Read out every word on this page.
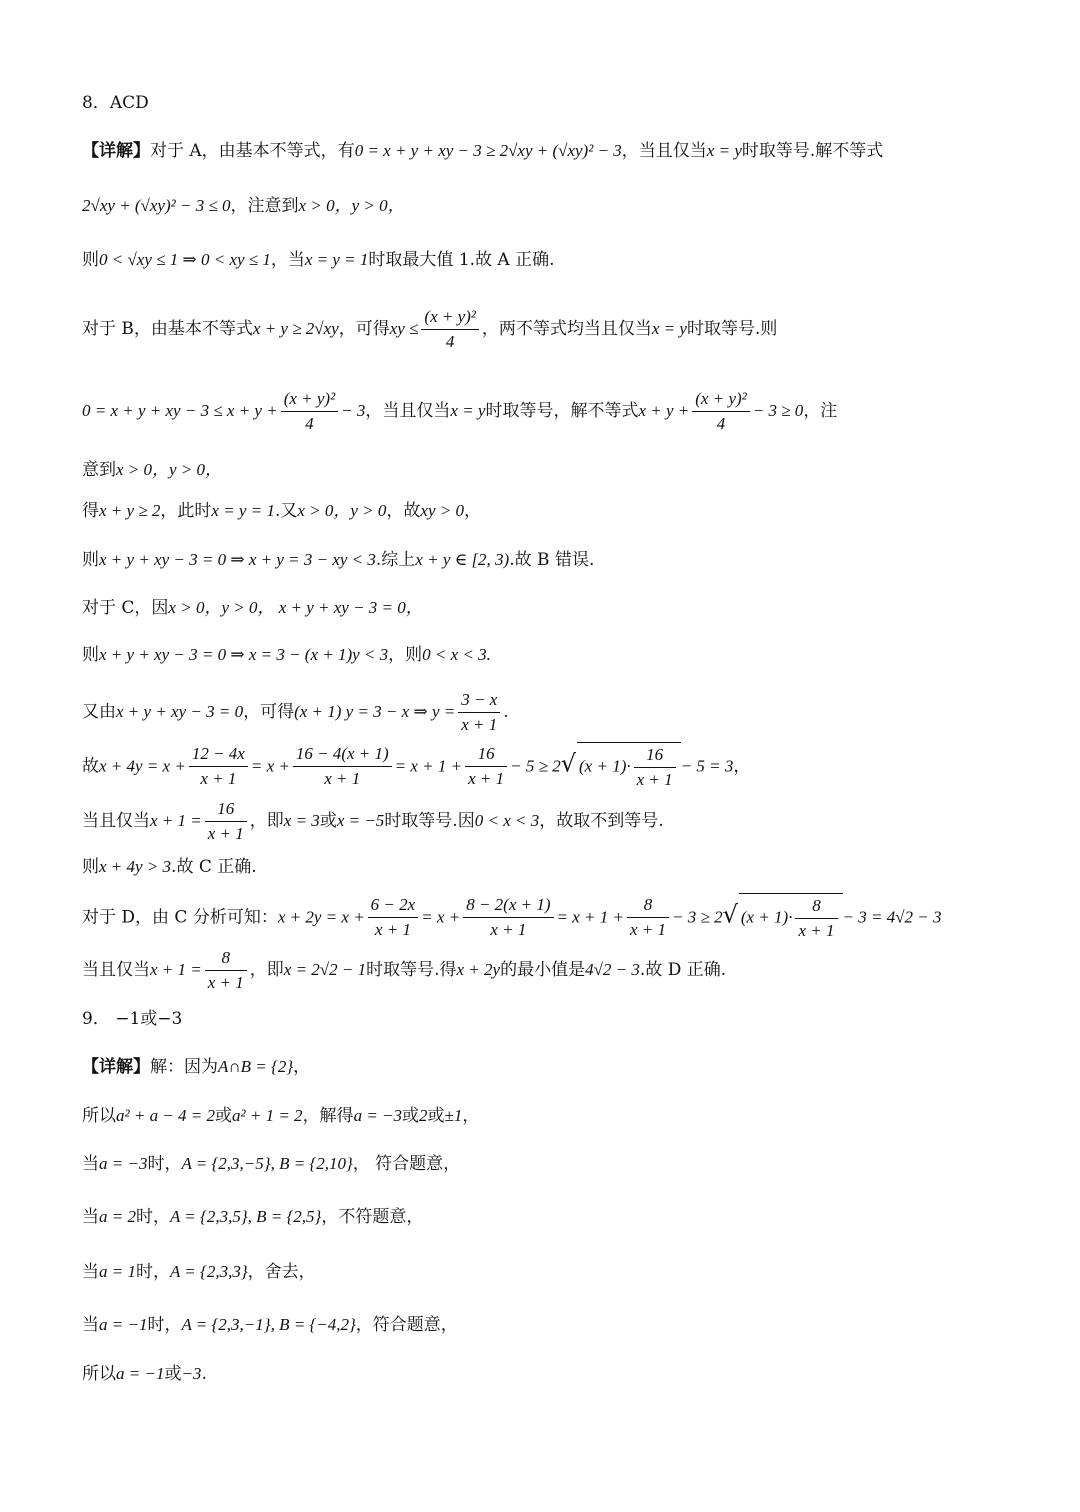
8．ACD
【详解】对于 A，由基本不等式，有0 = x + y + xy − 3 ≥ 2√xy + (√xy)² − 3，当且仅当x = y时取等号.解不等式
2√xy + (√xy)² − 3 ≤ 0，注意到x > 0，y > 0，
则0 < √xy ≤ 1 ⇒ 0 < xy ≤ 1，当x = y = 1时取最大值 1.故 A 正确.
对于 B，由基本不等式x + y ≥ 2√xy，可得xy ≤ $\frac{\text{(x + y)²}}{4}$ ，两不等式均当且仅当x = y时取等号.则
0 = x + y + xy − $3 \le x + y + \frac{\text{(x + y)²}}{4} - 3$，当且仅当x = y时取等号，解不等式$x + y + \frac{\text{(x + y)²}}{4} - 3 \ge 0$，注
意到x > 0，y > 0，
得x + y ≥ 2，此时x = y = 1.又x > 0，y > 0，故xy > 0，
则x + y + xy − 3 = 0 ⇒ x + y = 3 − xy < 3.综上x + y ∈ [2, 3).故 B 错误.
对于 C，因x > 0，y > 0， x + y + xy − 3 = 0，
则x + y + xy − 3 = 0 ⇒ x = 3 − (x + 1)y < 3，则0 < x < 3.
又由x + y + xy − 3 = 0，可得(x + 1) y = 3 − x ⇒ $y = \frac{3 - x}{x + 1}$ .
故$x + 4y = x + \frac{12 - 4x}{x + 1} = x + \frac{16 - 4(x + 1)}{x + 1} = x + 1 + \frac{16}{x + 1} - 5 \ge 2√$ $(x + 1)\cdot \frac{16}{x + 1} - 5 = 3$，
当且仅当$x + 1 = \frac{16}{x + 1}$ ，即x = 3或x = −5时取等号.因0 < x < 3，故取不到等号.
则x + 4y > 3.故 C 正确.
对于 D，由 C 分析可知：$x + 2y = x + \frac{6 - 2x}{x + 1} = x + \frac{8 - 2(x + 1)}{x + 1} = x + 1 + \frac{8}{x + 1} - 3 \ge 2√$ $(x + 1)\cdot \frac{8}{x + 1} - 3 = 4√2 - 3$
当且仅当$x + 1 = \frac{8}{x + 1}$ ，即x = 2√2 − 1时取等号.得x + 2y的最小值是4√2 − 3.故 D 正确.
9． −1或−3
【详解】解：因为A∩B = {2}，
所以a² + a − 4 = 2或a² + 1 = 2，解得a = −3或2或±1，
当a = −3时，A = {2,3,−5}, B = {2,10}， 符合题意，
当a = 2时，A = {2,3,5}, B = {2,5}，不符题意，
当a = 1时，A = {2,3,3}，舍去，
当a = −1时，A = {2,3,−1}, B = {−4,2}，符合题意，
所以a = −1或−3.
